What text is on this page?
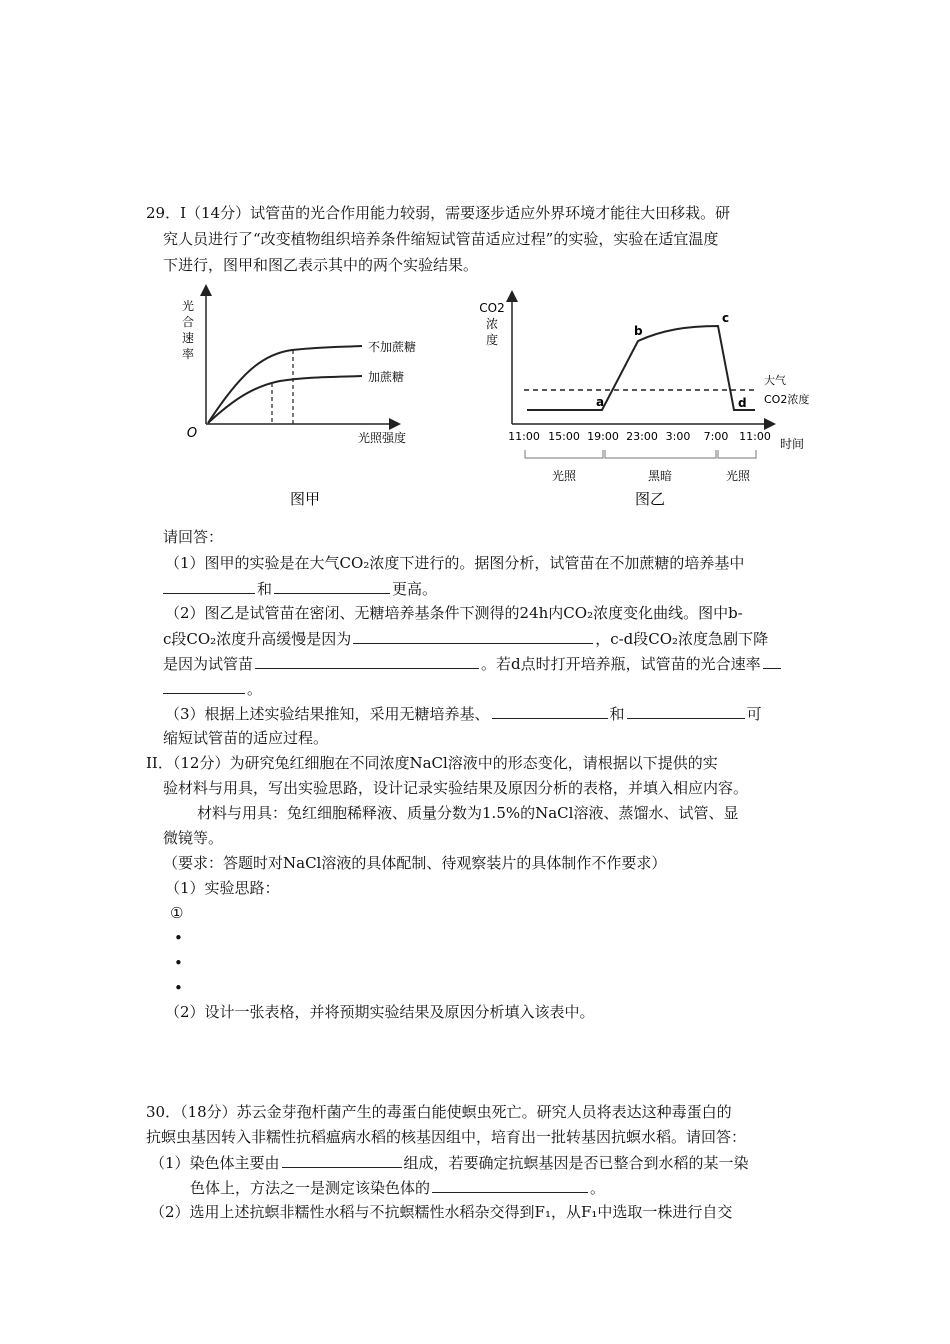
29．I（14分）试管苗的光合作用能力较弱，需要逐步适应外界环境才能往大田移栽。研
究人员进行了“改变植物组织培养条件缩短试管苗适应过程”的实验，实验在适宜温度
下进行，图甲和图乙表示其中的两个实验结果。
光
合
速
率
O	光照强度
不加蔗糖
加蔗糖
图甲
CO2
浓
度
a
b
c
d
大气
CO2浓度
11:00 15:00 19:00 23:00 3:00 7:00 11:00
时间
光照	黑暗	光照
图乙
请回答：
（1）图甲的实验是在大气CO₂浓度下进行的。据图分析，试管苗在不加蔗糖的培养基中
和	更高。
（2）图乙是试管苗在密闭、无糖培养基条件下测得的24h内CO₂浓度变化曲线。图中b-
c段CO₂浓度升高缓慢是因为	，c-d段CO₂浓度急剧下降
是因为试管苗	。若d点时打开培养瓶，试管苗的光合速率
。
（3）根据上述实验结果推知，采用无糖培养基、	和	可
缩短试管苗的适应过程。
II．（12分）为研究兔红细胞在不同浓度NaCl溶液中的形态变化，请根据以下提供的实
验材料与用具，写出实验思路，设计记录实验结果及原因分析的表格，并填入相应内容。
材料与用具：兔红细胞稀释液、质量分数为1.5%的NaCl溶液、蒸馏水、试管、显
微镜等。
（要求：答题时对NaCl溶液的具体配制、待观察装片的具体制作不作要求）
（1）实验思路：
①
•
•
•
（2）设计一张表格，并将预期实验结果及原因分析填入该表中。
30．（18分）苏云金芽孢杆菌产生的毒蛋白能使螟虫死亡。研究人员将表达这种毒蛋白的
抗螟虫基因转入非糯性抗稻瘟病水稻的核基因组中，培育出一批转基因抗螟水稻。请回答：
（1）染色体主要由	组成，若要确定抗螟基因是否已整合到水稻的某一染
色体上，方法之一是测定该染色体的	。
（2）选用上述抗螟非糯性水稻与不抗螟糯性水稻杂交得到F₁，从F₁中选取一株进行自交
